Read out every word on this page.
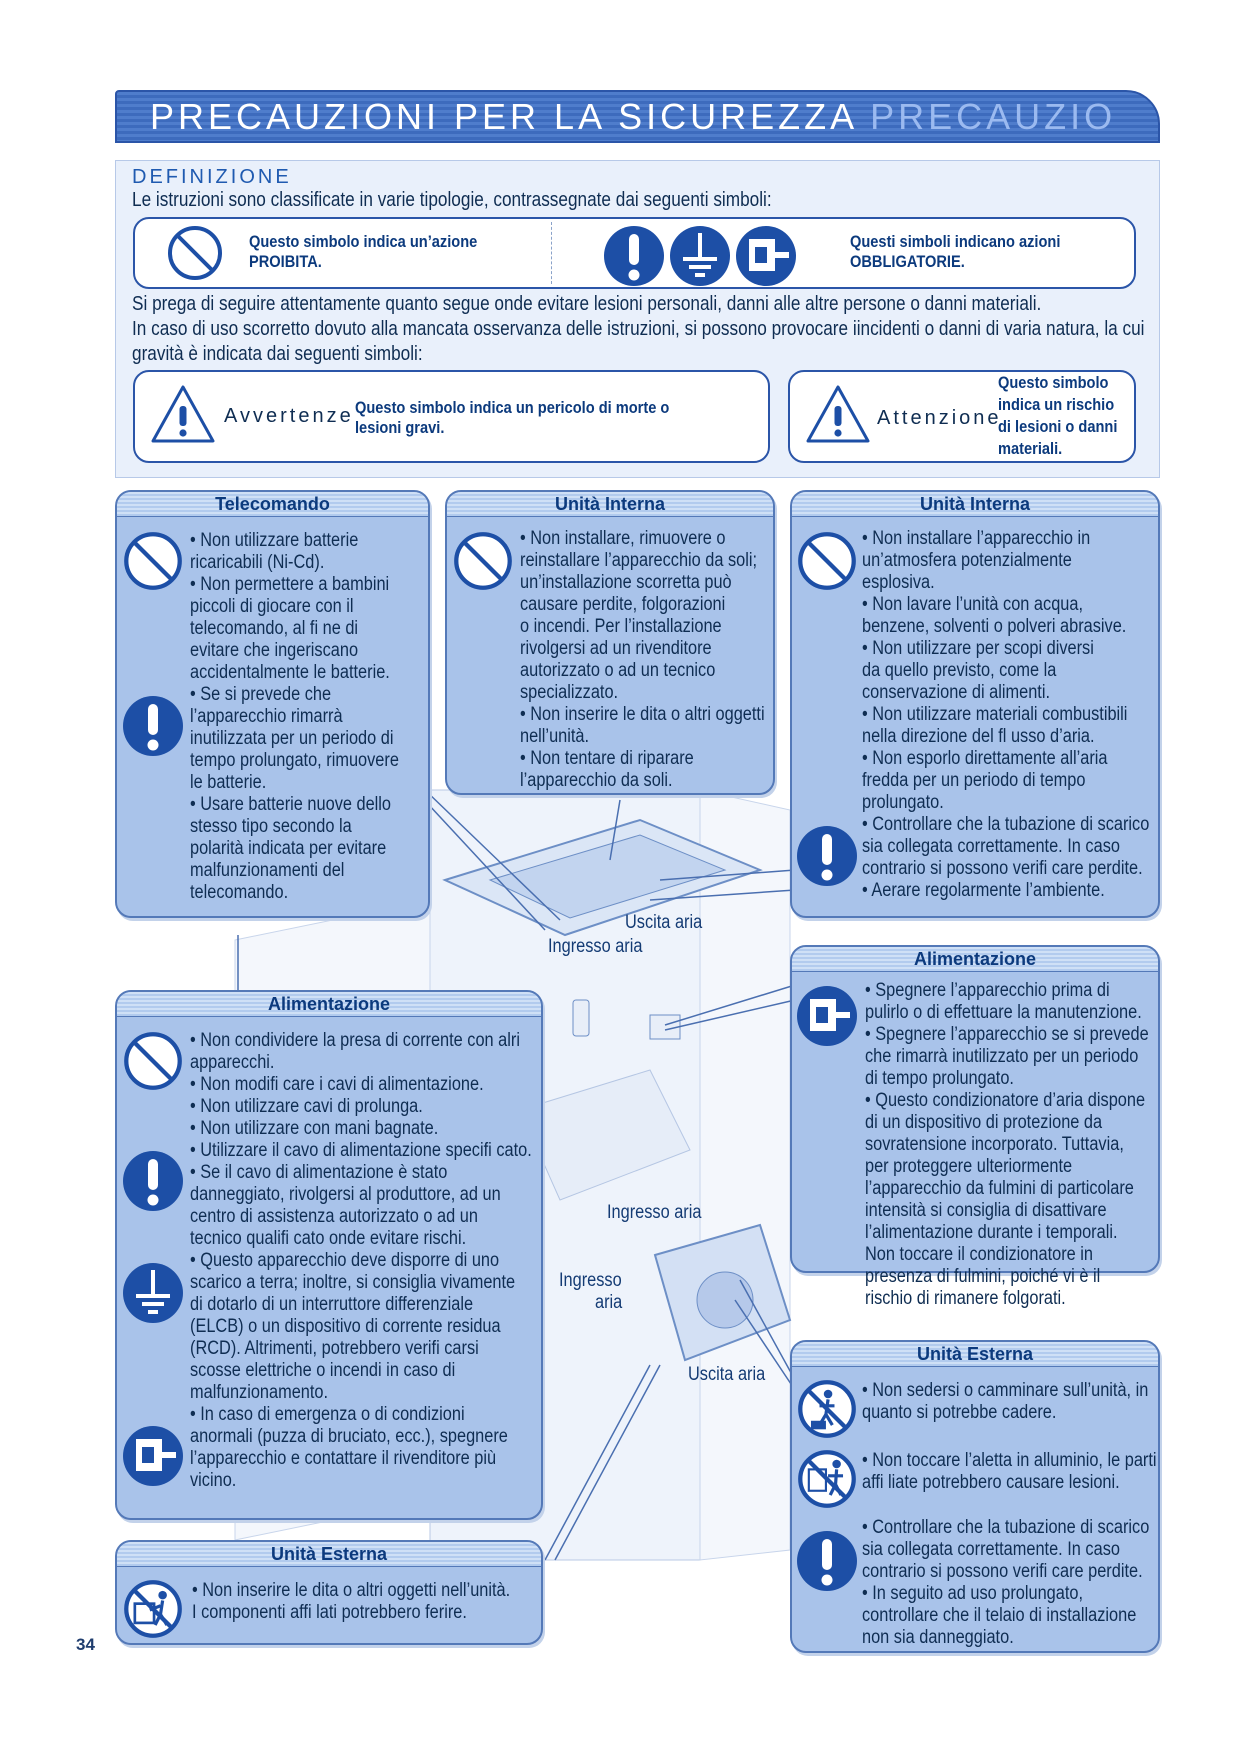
PRECAUZIONI PER LA SICUREZZA PRECAUZIO
DEFINIZIONE
Le istruzioni sono classificate in varie tipologie, contrassegnate dai seguenti simboli:
Questo simbolo indica un’azione
PROIBITA.
Questi simboli indicano azioni
OBBLIGATORIE.
Si prega di seguire attentamente quanto segue onde evitare lesioni personali, danni alle altre persone o danni materiali.
In caso di uso scorretto dovuto alla mancata osservanza delle istruzioni, si possono provocare iincidenti o danni di varia natura, la cui
gravità è indicata dai seguenti simboli:
Avvertenze Questo simbolo indica un pericolo di morte o
lesioni gravi.	Attenzione
Questo simbolo
indica un rischio
di lesioni o danni
materiali.
Uscita aria
Ingresso aria
Ingresso aria
Ingresso
aria
Uscita aria
Telecomando
• Non utilizzare batterie
ricaricabili (Ni-Cd).
• Non permettere a bambini
piccoli di giocare con il
telecomando, al fi ne di
evitare che ingeriscano
accidentalmente le batterie.
• Se si prevede che
l’apparecchio rimarrà
inutilizzata per un periodo di
tempo prolungato, rimuovere
le batterie.
• Usare batterie nuove dello
stesso tipo secondo la
polarità indicata per evitare
malfunzionamenti del
telecomando.
Unità Interna
• Non installare, rimuovere o
reinstallare l’apparecchio da soli;
un’installazione scorretta può
causare perdite, folgorazioni
o incendi. Per l’installazione
rivolgersi ad un rivenditore
autorizzato o ad un tecnico
specializzato.
• Non inserire le dita o altri oggetti
nell’unità.
• Non tentare di riparare
l’apparecchio da soli.
Unità Interna
• Non installare l’apparecchio in
un’atmosfera potenzialmente
esplosiva.
• Non lavare l’unità con acqua,
benzene, solventi o polveri abrasive.
• Non utilizzare per scopi diversi
da quello previsto, come la
conservazione di alimenti.
• Non utilizzare materiali combustibili
nella direzione del fl usso d’aria.
• Non esporlo direttamente all’aria
fredda per un periodo di tempo
prolungato.
• Controllare che la tubazione di scarico
sia collegata correttamente. In caso
contrario si possono verifi care perdite.
• Aerare regolarmente l’ambiente.
Alimentazione
• Non condividere la presa di corrente con alri
apparecchi.
• Non modifi care i cavi di alimentazione.
• Non utilizzare cavi di prolunga.
• Non utilizzare con mani bagnate.
• Utilizzare il cavo di alimentazione specifi cato.
• Se il cavo di alimentazione è stato
danneggiato, rivolgersi al produttore, ad un
centro di assistenza autorizzato o ad un
tecnico qualifi cato onde evitare rischi.
• Questo apparecchio deve disporre di uno
scarico a terra; inoltre, si consiglia vivamente
di dotarlo di un interruttore differenziale
(ELCB) o un dispositivo di corrente residua
(RCD). Altrimenti, potrebbero verifi carsi
scosse elettriche o incendi in caso di
malfunzionamento.
• In caso di emergenza o di condizioni
anormali (puzza di bruciato, ecc.), spegnere
l’apparecchio e contattare il rivenditore più
vicino.
Alimentazione
• Spegnere l’apparecchio prima di
pulirlo o di effettuare la manutenzione.
• Spegnere l’apparecchio se si prevede
che rimarrà inutilizzato per un periodo
di tempo prolungato.
• Questo condizionatore d’aria dispone
di un dispositivo di protezione da
sovratensione incorporato. Tuttavia,
per proteggere ulteriormente
l’apparecchio da fulmini di particolare
intensità si consiglia di disattivare
l’alimentazione durante i temporali.
Non toccare il condizionatore in
presenza di fulmini, poiché vi è il
rischio di rimanere folgorati.
Unità Esterna
• Non sedersi o camminare sull’unità, in
quanto si potrebbe cadere.
• Non toccare l’aletta in alluminio, le parti
affi liate potrebbero causare lesioni.
• Controllare che la tubazione di scarico
sia collegata correttamente. In caso
contrario si possono verifi care perdite.
• In seguito ad uso prolungato,
controllare che il telaio di installazione
non sia danneggiato.
Unità Esterna
• Non inserire le dita o altri oggetti nell’unità.
I componenti affi lati potrebbero ferire.
34
